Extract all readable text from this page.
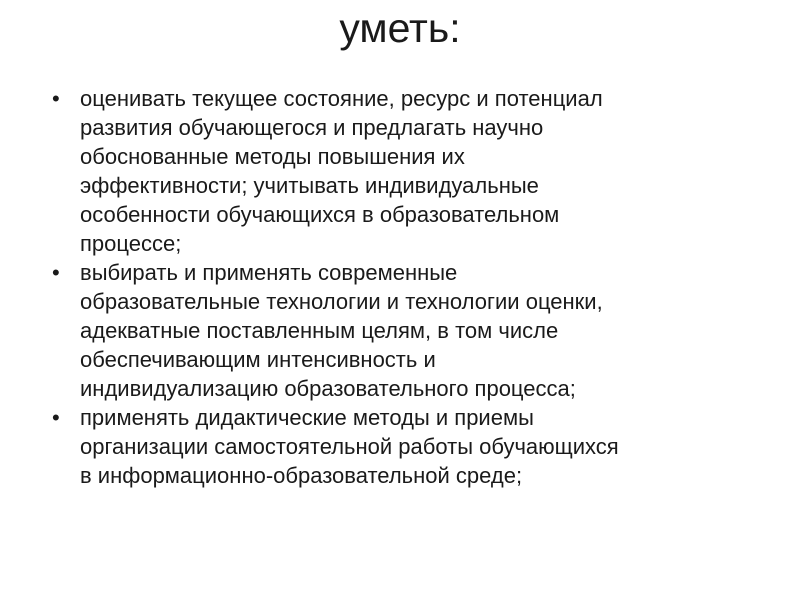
уметь:
• оценивать текущее состояние, ресурс и потенциал
развития обучающегося и предлагать научно
обоснованные методы повышения их
эффективности; учитывать индивидуальные
особенности обучающихся в образовательном
процессе;
• выбирать и применять современные
образовательные технологии и технологии оценки,
адекватные поставленным целям, в том числе
обеспечивающим интенсивность и
индивидуализацию образовательного процесса;
• применять дидактические методы и приемы
организации самостоятельной работы обучающихся
в информационно-образовательной среде;
